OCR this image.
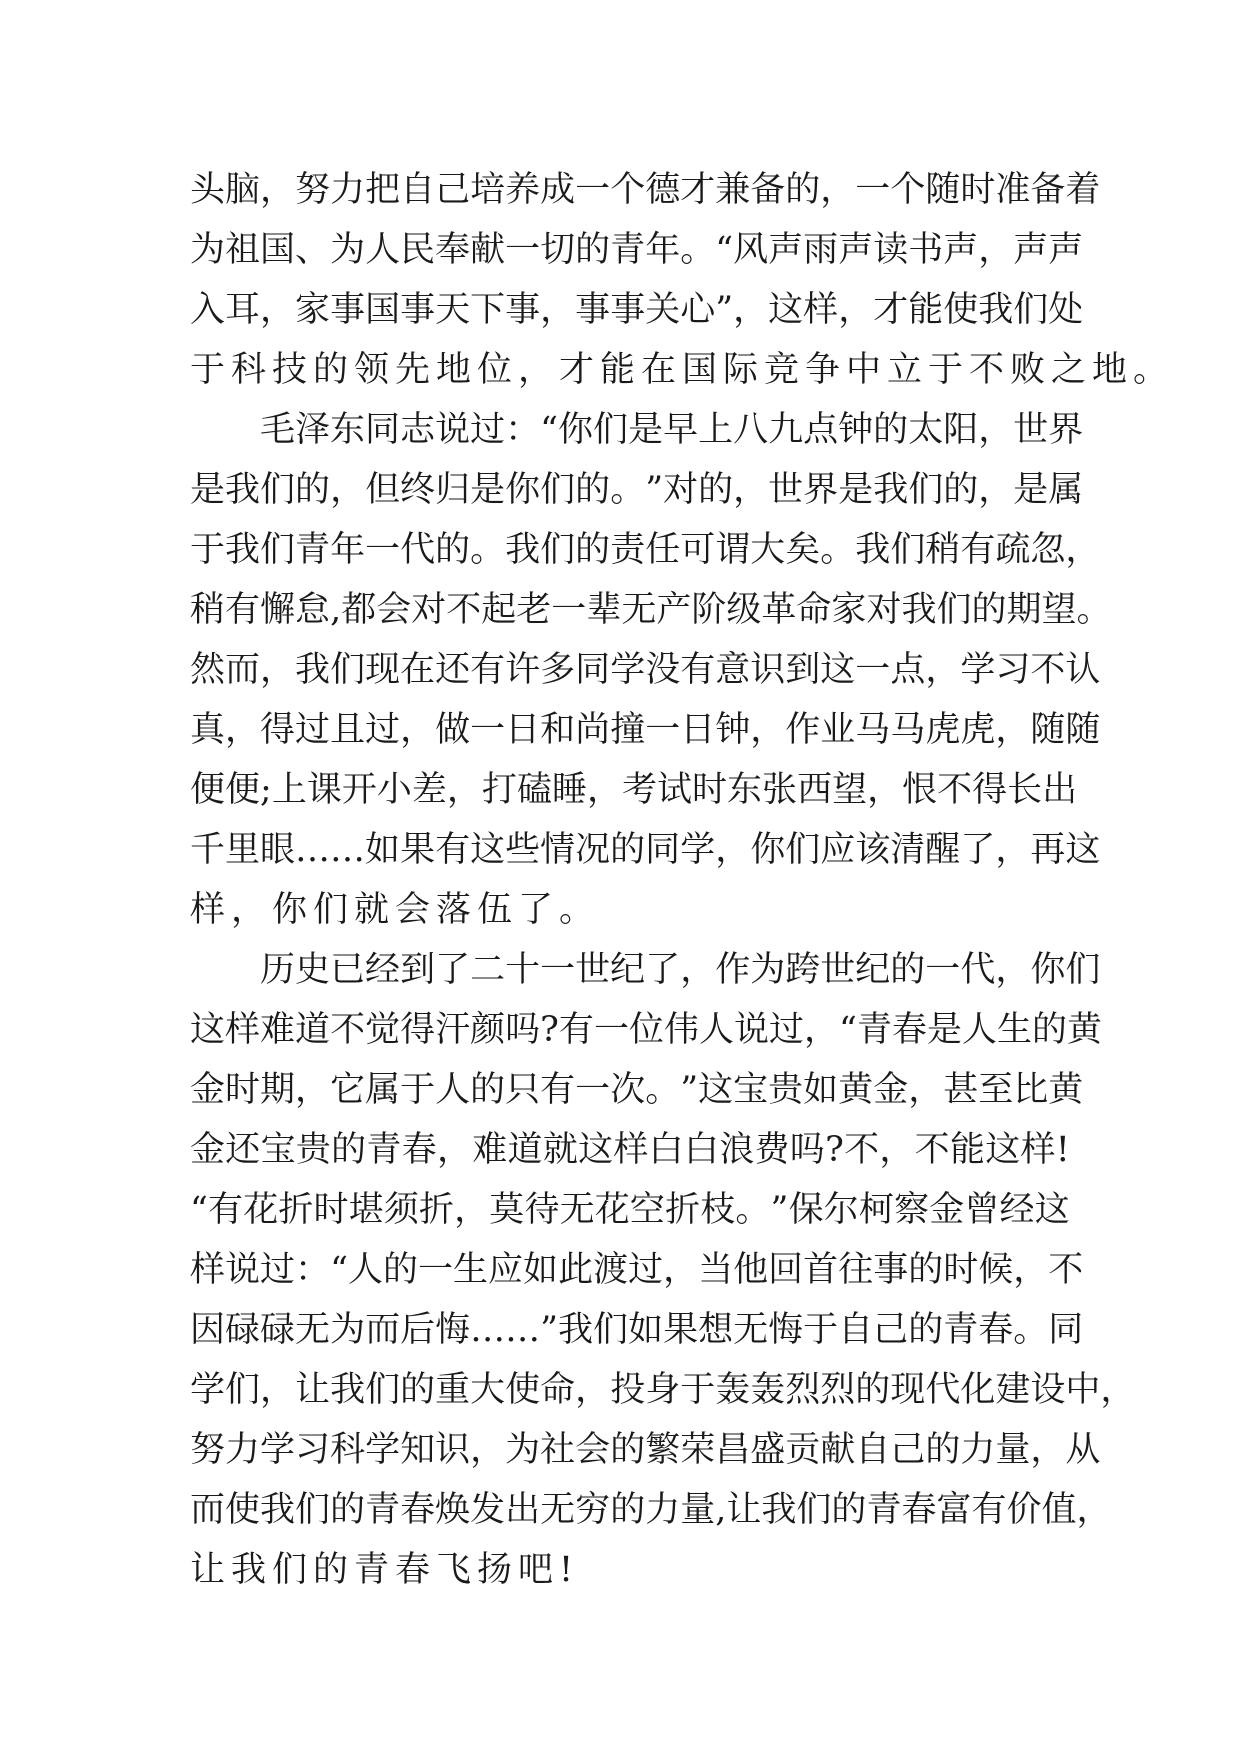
头 脑 ， 努 力 把 自 己 培 养 成 一 个 德 才 兼 备 的 ， 一 个 随 时 准 备 着
为 祖 国 、 为 人 民 奉 献 一 切 的 青 年 。 “ 风 声 雨 声 读 书 声 ， 声 声
入 耳 ， 家 事 国 事 天 下 事 ， 事 事 关 心 ” ， 这 样 ， 才 能 使 我 们 处
于科技的领先地位，才能在国际竞争中立于不败之地。
毛 泽 东 同 志 说 过 ： “ 你 们 是 早 上 八 九 点 钟 的 太 阳 ， 世 界
是 我 们 的 ， 但 终 归 是 你 们 的 。 ” 对 的 ， 世 界 是 我 们 的 ， 是 属
于 我 们 青 年 一 代 的 。 我 们 的 责 任 可 谓 大 矣 。 我 们 稍 有 疏 忽 ，
稍 有 懈 怠 , 都 会 对 不 起 老 一 辈 无 产 阶 级 革 命 家 对 我 们 的 期 望 。
然 而 ， 我 们 现 在 还 有 许 多 同 学 没 有 意 识 到 这 一 点 ， 学 习 不 认
真 ， 得 过 且 过 ， 做 一 日 和 尚 撞 一 日 钟 ， 作 业 马 马 虎 虎 ， 随 随
便 便 ; 上 课 开 小 差 ， 打 磕 睡 ， 考 试 时 东 张 西 望 ， 恨 不 得 长 出
千 里 眼 … … 如 果 有 这 些 情 况 的 同 学 ， 你 们 应 该 清 醒 了 ， 再 这
样，你们就会落伍了。
历 史 已 经 到 了 二 十 一 世 纪 了 ， 作 为 跨 世 纪 的 一 代 ， 你 们
这 样 难 道 不 觉 得 汗 颜 吗 ? 有 一 位 伟 人 说 过 ， “ 青 春 是 人 生 的 黄
金 时 期 ， 它 属 于 人 的 只 有 一 次 。 ” 这 宝 贵 如 黄 金 ， 甚 至 比 黄
金 还 宝 贵 的 青 春 ， 难 道 就 这 样 白 白 浪 费 吗 ? 不 ， 不 能 这 样 !
“ 有 花 折 时 堪 须 折 ， 莫 待 无 花 空 折 枝 。 ” 保 尔 柯 察 金 曾 经 这
样 说 过 ： “ 人 的 一 生 应 如 此 渡 过 ， 当 他 回 首 往 事 的 时 候 ， 不
因 碌 碌 无 为 而 后 悔 … … ” 我 们 如 果 想 无 悔 于 自 己 的 青 春 。 同
学 们 ， 让 我 们 的 重 大 使 命 ， 投 身 于 轰 轰 烈 烈 的 现 代 化 建 设 中 ，
努 力 学 习 科 学 知 识 ， 为 社 会 的 繁 荣 昌 盛 贡 献 自 己 的 力 量 ， 从
而 使 我 们 的 青 春 焕 发 出 无 穷 的 力 量 , 让 我 们 的 青 春 富 有 价 值 ，
让我们的青春飞扬吧!
